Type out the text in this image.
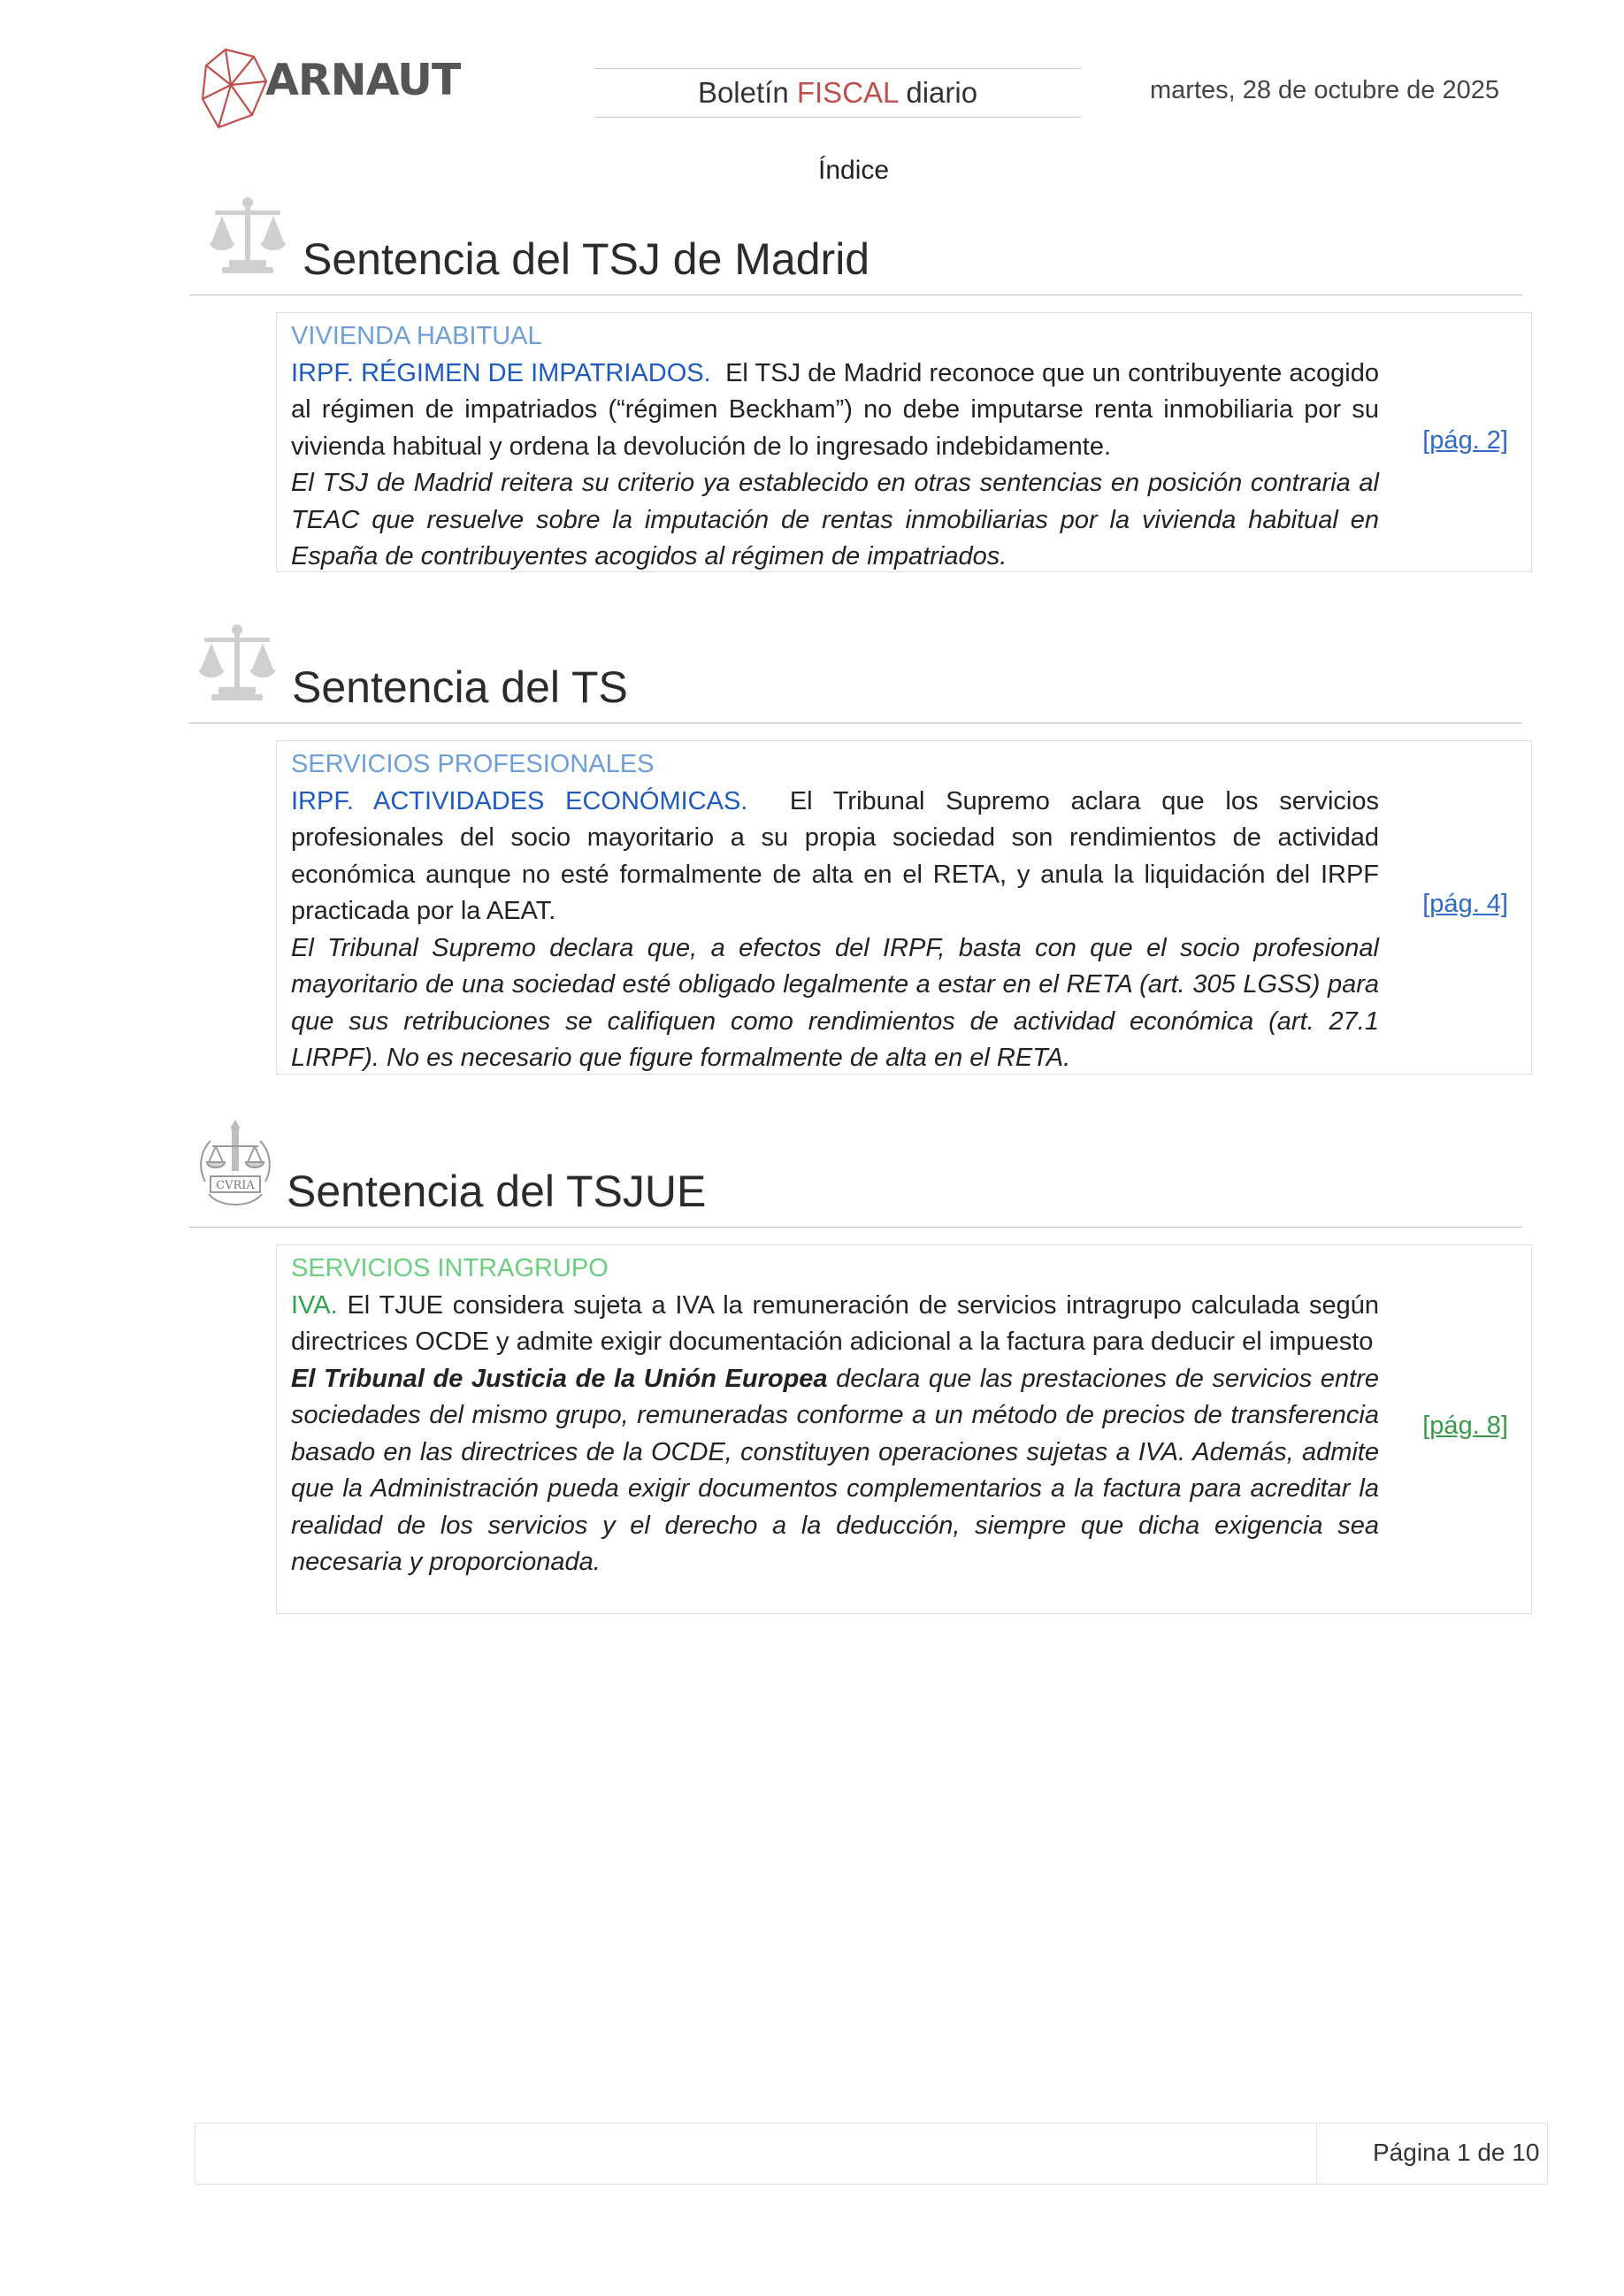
ARNAUT	Boletín FISCAL diario	martes, 28 de octubre de 2025
Índice
Sentencia del TSJ de Madrid
VIVIENDA HABITUAL
IRPF. RÉGIMEN DE IMPATRIADOS. El TSJ de Madrid reconoce que un contribuyente acogido al régimen de impatriados (“régimen Beckham”) no debe imputarse renta inmobiliaria por su vivienda habitual y ordena la devolución de lo ingresado indebidamente.
El TSJ de Madrid reitera su criterio ya establecido en otras sentencias en posición contraria al TEAC que resuelve sobre la imputación de rentas inmobiliarias por la vivienda habitual en España de contribuyentes acogidos al régimen de impatriados.
[pág. 2]
Sentencia del TS
SERVICIOS PROFESIONALES
IRPF. ACTIVIDADES ECONÓMICAS. El Tribunal Supremo aclara que los servicios profesionales del socio mayoritario a su propia sociedad son rendimientos de actividad económica aunque no esté formalmente de alta en el RETA, y anula la liquidación del IRPF practicada por la AEAT.
El Tribunal Supremo declara que, a efectos del IRPF, basta con que el socio profesional mayoritario de una sociedad esté obligado legalmente a estar en el RETA (art. 305 LGSS) para que sus retribuciones se califiquen como rendimientos de actividad económica (art. 27.1 LIRPF). No es necesario que figure formalmente de alta en el RETA.
[pág. 4]
CVRIA Sentencia del TSJUE
SERVICIOS INTRAGRUPO
IVA. El TJUE considera sujeta a IVA la remuneración de servicios intragrupo calculada según directrices OCDE y admite exigir documentación adicional a la factura para deducir el impuesto
El Tribunal de Justicia de la Unión Europea declara que las prestaciones de servicios entre sociedades del mismo grupo, remuneradas conforme a un método de precios de transferencia basado en las directrices de la OCDE, constituyen operaciones sujetas a IVA. Además, admite que la Administración pueda exigir documentos complementarios a la factura para acreditar la realidad de los servicios y el derecho a la deducción, siempre que dicha exigencia sea necesaria y proporcionada.
[pág. 8]
Página 1 de 10
